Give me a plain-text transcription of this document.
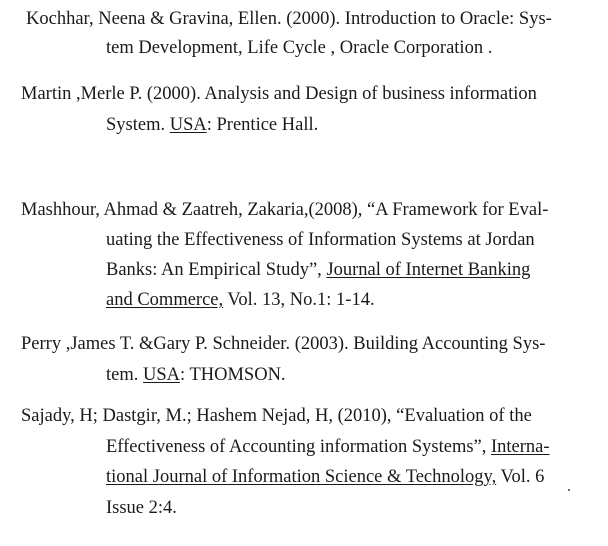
Kochhar, Neena & Gravina, Ellen. (2000). Introduction to Oracle: Sys-
tem Development, Life Cycle , Oracle Corporation .
Martin ,Merle P. (2000). Analysis and Design of business information
System. USA: Prentice Hall.
Mashhour, Ahmad & Zaatreh, Zakaria,(2008), “A Framework for Eval-
uating the Effectiveness of Information Systems at Jordan
Banks: An Empirical Study”, Journal of Internet Banking
and Commerce, Vol. 13, No.1: 1-14.
Perry ,James T. &Gary P. Schneider. (2003). Building Accounting Sys-
tem. USA: THOMSON.
Sajady, H; Dastgir, M.; Hashem Nejad, H, (2010), “Evaluation of the
Effectiveness of Accounting information Systems”, Interna-
tional Journal of Information Science & Technology, Vol. 6
Issue 2:4.
